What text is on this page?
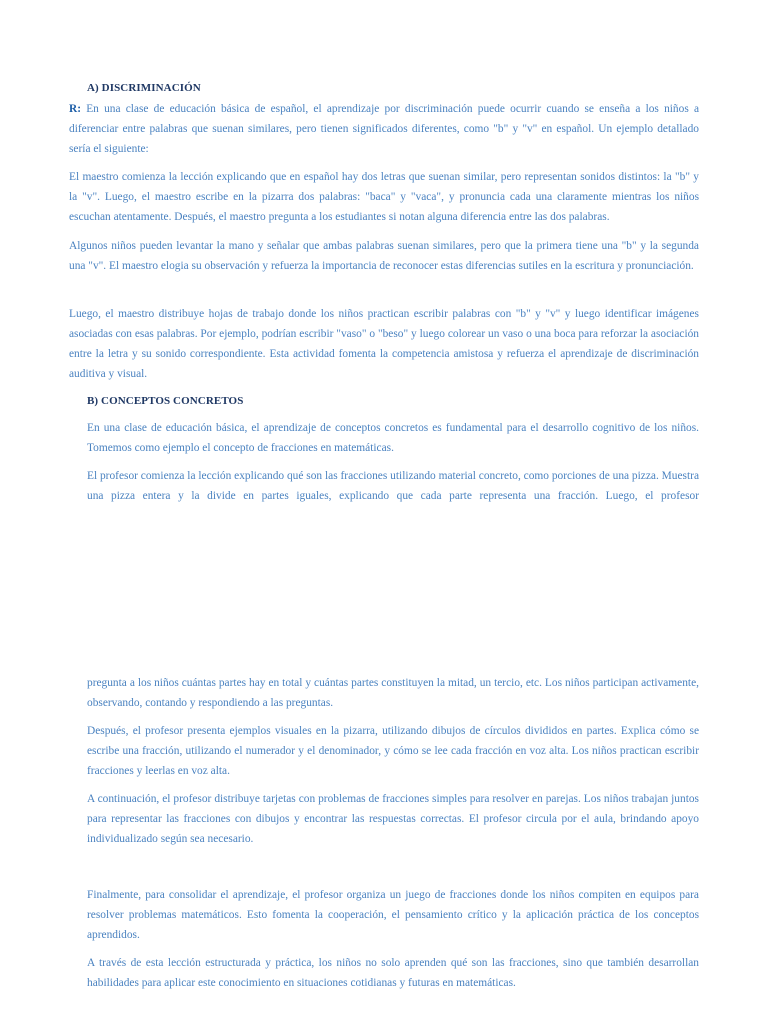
A) DISCRIMINACIÓN
R: En una clase de educación básica de español, el aprendizaje por discriminación puede ocurrir cuando se enseña a los niños a diferenciar entre palabras que suenan similares, pero tienen significados diferentes, como "b" y "v" en español. Un ejemplo detallado sería el siguiente:
El maestro comienza la lección explicando que en español hay dos letras que suenan similar, pero representan sonidos distintos: la "b" y la "v". Luego, el maestro escribe en la pizarra dos palabras: "baca" y "vaca", y pronuncia cada una claramente mientras los niños escuchan atentamente. Después, el maestro pregunta a los estudiantes si notan alguna diferencia entre las dos palabras.
Algunos niños pueden levantar la mano y señalar que ambas palabras suenan similares, pero que la primera tiene una "b" y la segunda una "v". El maestro elogia su observación y refuerza la importancia de reconocer estas diferencias sutiles en la escritura y pronunciación.
Luego, el maestro distribuye hojas de trabajo donde los niños practican escribir palabras con "b" y "v" y luego identificar imágenes asociadas con esas palabras. Por ejemplo, podrían escribir "vaso" o "beso" y luego colorear un vaso o una boca para reforzar la asociación entre la letra y su sonido correspondiente. Esta actividad fomenta la competencia amistosa y refuerza el aprendizaje de discriminación auditiva y visual.
B) CONCEPTOS CONCRETOS
En una clase de educación básica, el aprendizaje de conceptos concretos es fundamental para el desarrollo cognitivo de los niños. Tomemos como ejemplo el concepto de fracciones en matemáticas.
El profesor comienza la lección explicando qué son las fracciones utilizando material concreto, como porciones de una pizza. Muestra una pizza entera y la divide en partes iguales, explicando que cada parte representa una fracción. Luego, el profesor
pregunta a los niños cuántas partes hay en total y cuántas partes constituyen la mitad, un tercio, etc. Los niños participan activamente, observando, contando y respondiendo a las preguntas.
Después, el profesor presenta ejemplos visuales en la pizarra, utilizando dibujos de círculos divididos en partes. Explica cómo se escribe una fracción, utilizando el numerador y el denominador, y cómo se lee cada fracción en voz alta. Los niños practican escribir fracciones y leerlas en voz alta.
A continuación, el profesor distribuye tarjetas con problemas de fracciones simples para resolver en parejas. Los niños trabajan juntos para representar las fracciones con dibujos y encontrar las respuestas correctas. El profesor circula por el aula, brindando apoyo individualizado según sea necesario.
Finalmente, para consolidar el aprendizaje, el profesor organiza un juego de fracciones donde los niños compiten en equipos para resolver problemas matemáticos. Esto fomenta la cooperación, el pensamiento crítico y la aplicación práctica de los conceptos aprendidos.
A través de esta lección estructurada y práctica, los niños no solo aprenden qué son las fracciones, sino que también desarrollan habilidades para aplicar este conocimiento en situaciones cotidianas y futuras en matemáticas.
